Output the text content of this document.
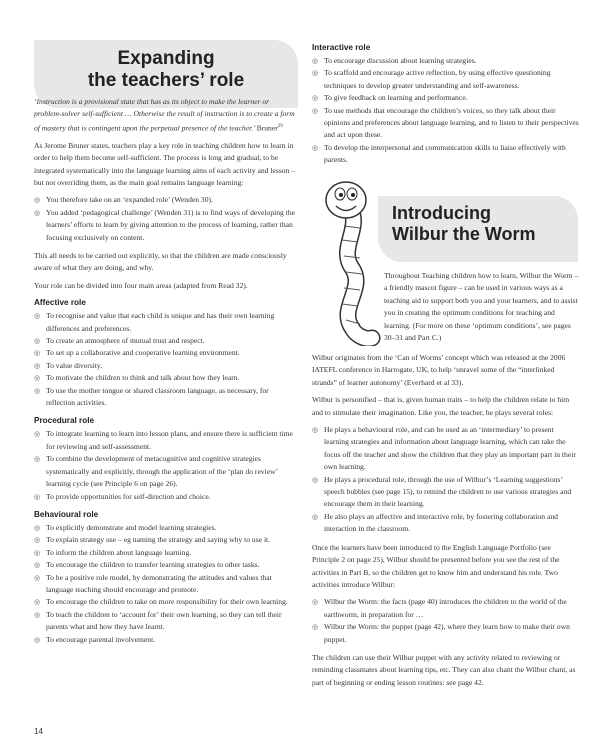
Expanding
the teachers’ role

‘Instruction is a provisional state that has as its object to make the learner or problem-solver self-sufficient … Otherwise the result of instruction is to create a form of mastery that is contingent upon the perpetual presence of the teacher.’ Bruner$^{29}$

As Jerome Bruner states, teachers play a key role in teaching children how to learn in order to help them become self-sufficient. The process is long and gradual, to be integrated systematically into the language learning aims of each activity and lesson – but not overriding them, as the main goal remains language learning:

◎ You therefore take on an ‘expanded role’ (Wenden 30).
◎ You added ‘pedagogical challenge’ (Wenden 31) is to find ways of developing the learners’ efforts to learn by giving attention to the process of learning, rather than focusing exclusively on content.

This all needs to be carried out explicitly, so that the children are made consciously aware of what they are doing, and why.

Your role can be divided into four main areas (adapted from Read 32).

Affective role
◎ To recognise and value that each child is unique and has their own learning differences and preferences.
◎ To create an atmosphere of mutual trust and respect.
◎ To set up a collaborative and cooperative learning environment.
◎ To value diversity.
◎ To motivate the children to think and talk about how they learn.
◎ To use the mother tongue or shared classroom language, as necessary, for reflection activities.
Procedural role
◎ To integrate learning to learn into lesson plans, and ensure there is sufficient time for reviewing and self-assessment.
◎ To combine the development of metacognitive and cognitive strategies systematically and explicitly, through the application of the ‘plan do review’ learning cycle (see Principle 6 on page 26).
◎ To provide opportunities for self-direction and choice.
Behavioural role
◎ To explicitly demonstrate and model learning strategies.
◎ To explain strategy use – eg naming the strategy and saying why to use it.
◎ To inform the children about language learning.
◎ To encourage the children to transfer learning strategies to other tasks.
◎ To be a positive role model, by demonstrating the attitudes and values that language teaching should encourage and promote.
◎ To encourage the children to take on more responsibility for their own learning.
◎ To teach the children to ‘account for’ their own learning, so they can tell their parents what and how they have learnt.
◎ To encourage parental involvement.
Interactive role
◎ To encourage discussion about learning strategies.
◎ To scaffold and encourage active reflection, by using effective questioning techniques to develop greater understanding and self-awareness.
◎ To give feedback on learning and performance.
◎ To use methods that encourage the children’s voices, so they talk about their opinions and preferences about language learning, and to listen to their perspectives and act upon these.
◎ To develop the interpersonal and communication skills to liaise effectively with parents.
Introducing
Wilbur the Worm

Throughout Teaching children how to learn, Wilbur the Worm – a friendly mascot figure – can be used in various ways as a teaching aid to support both you and your learners, and to assist you in creating the optimum conditions for teaching and learning. (For more on these ‘optimum conditions’, see pages 30–31 and Part C.)

Wilbur originates from the ‘Can of Worms’ concept which was released at the 2006 IATEFL conference in Harrogate, UK, to help ‘unravel some of the “interlinked strands” of learner autonomy’ (Everhard et al 33).

Wilbur is personified – that is, given human traits – to help the children relate to him and to stimulate their imagination. Like you, the teacher, he plays several roles:

◎ He plays a behavioural role, and can be used as an ‘intermediary’ to present learning strategies and information about language learning, which can take the focus off the teacher and show the children that they play an important part in their own learning.
◎ He plays a procedural role, through the use of Wilbur’s ‘Learning suggestions’ speech bubbles (see page 15), to remind the children to use various strategies and encourage them in their learning.
◎ He also plays an affective and interactive role, by fostering collaboration and interaction in the classroom.

Once the learners have been introduced to the English Language Portfolio (see Principle 2 on page 25), Wilbur should be presented before you see the rest of the activities in Part B, so the children get to know him and understand his role. Two activities introduce Wilbur:

◎ Wilbur the Worm: the facts (page 40) introduces the children to the world of the earthworm, in preparation for …
◎ Wilbur the Worm: the puppet (page 42), where they learn how to make their own puppet.

The children can use their Wilbur puppet with any activity related to reviewing or reminding classmates about learning tips, etc. They can also chant the Wilbur chant, as part of beginning or ending lesson routines: see page 42.

14
